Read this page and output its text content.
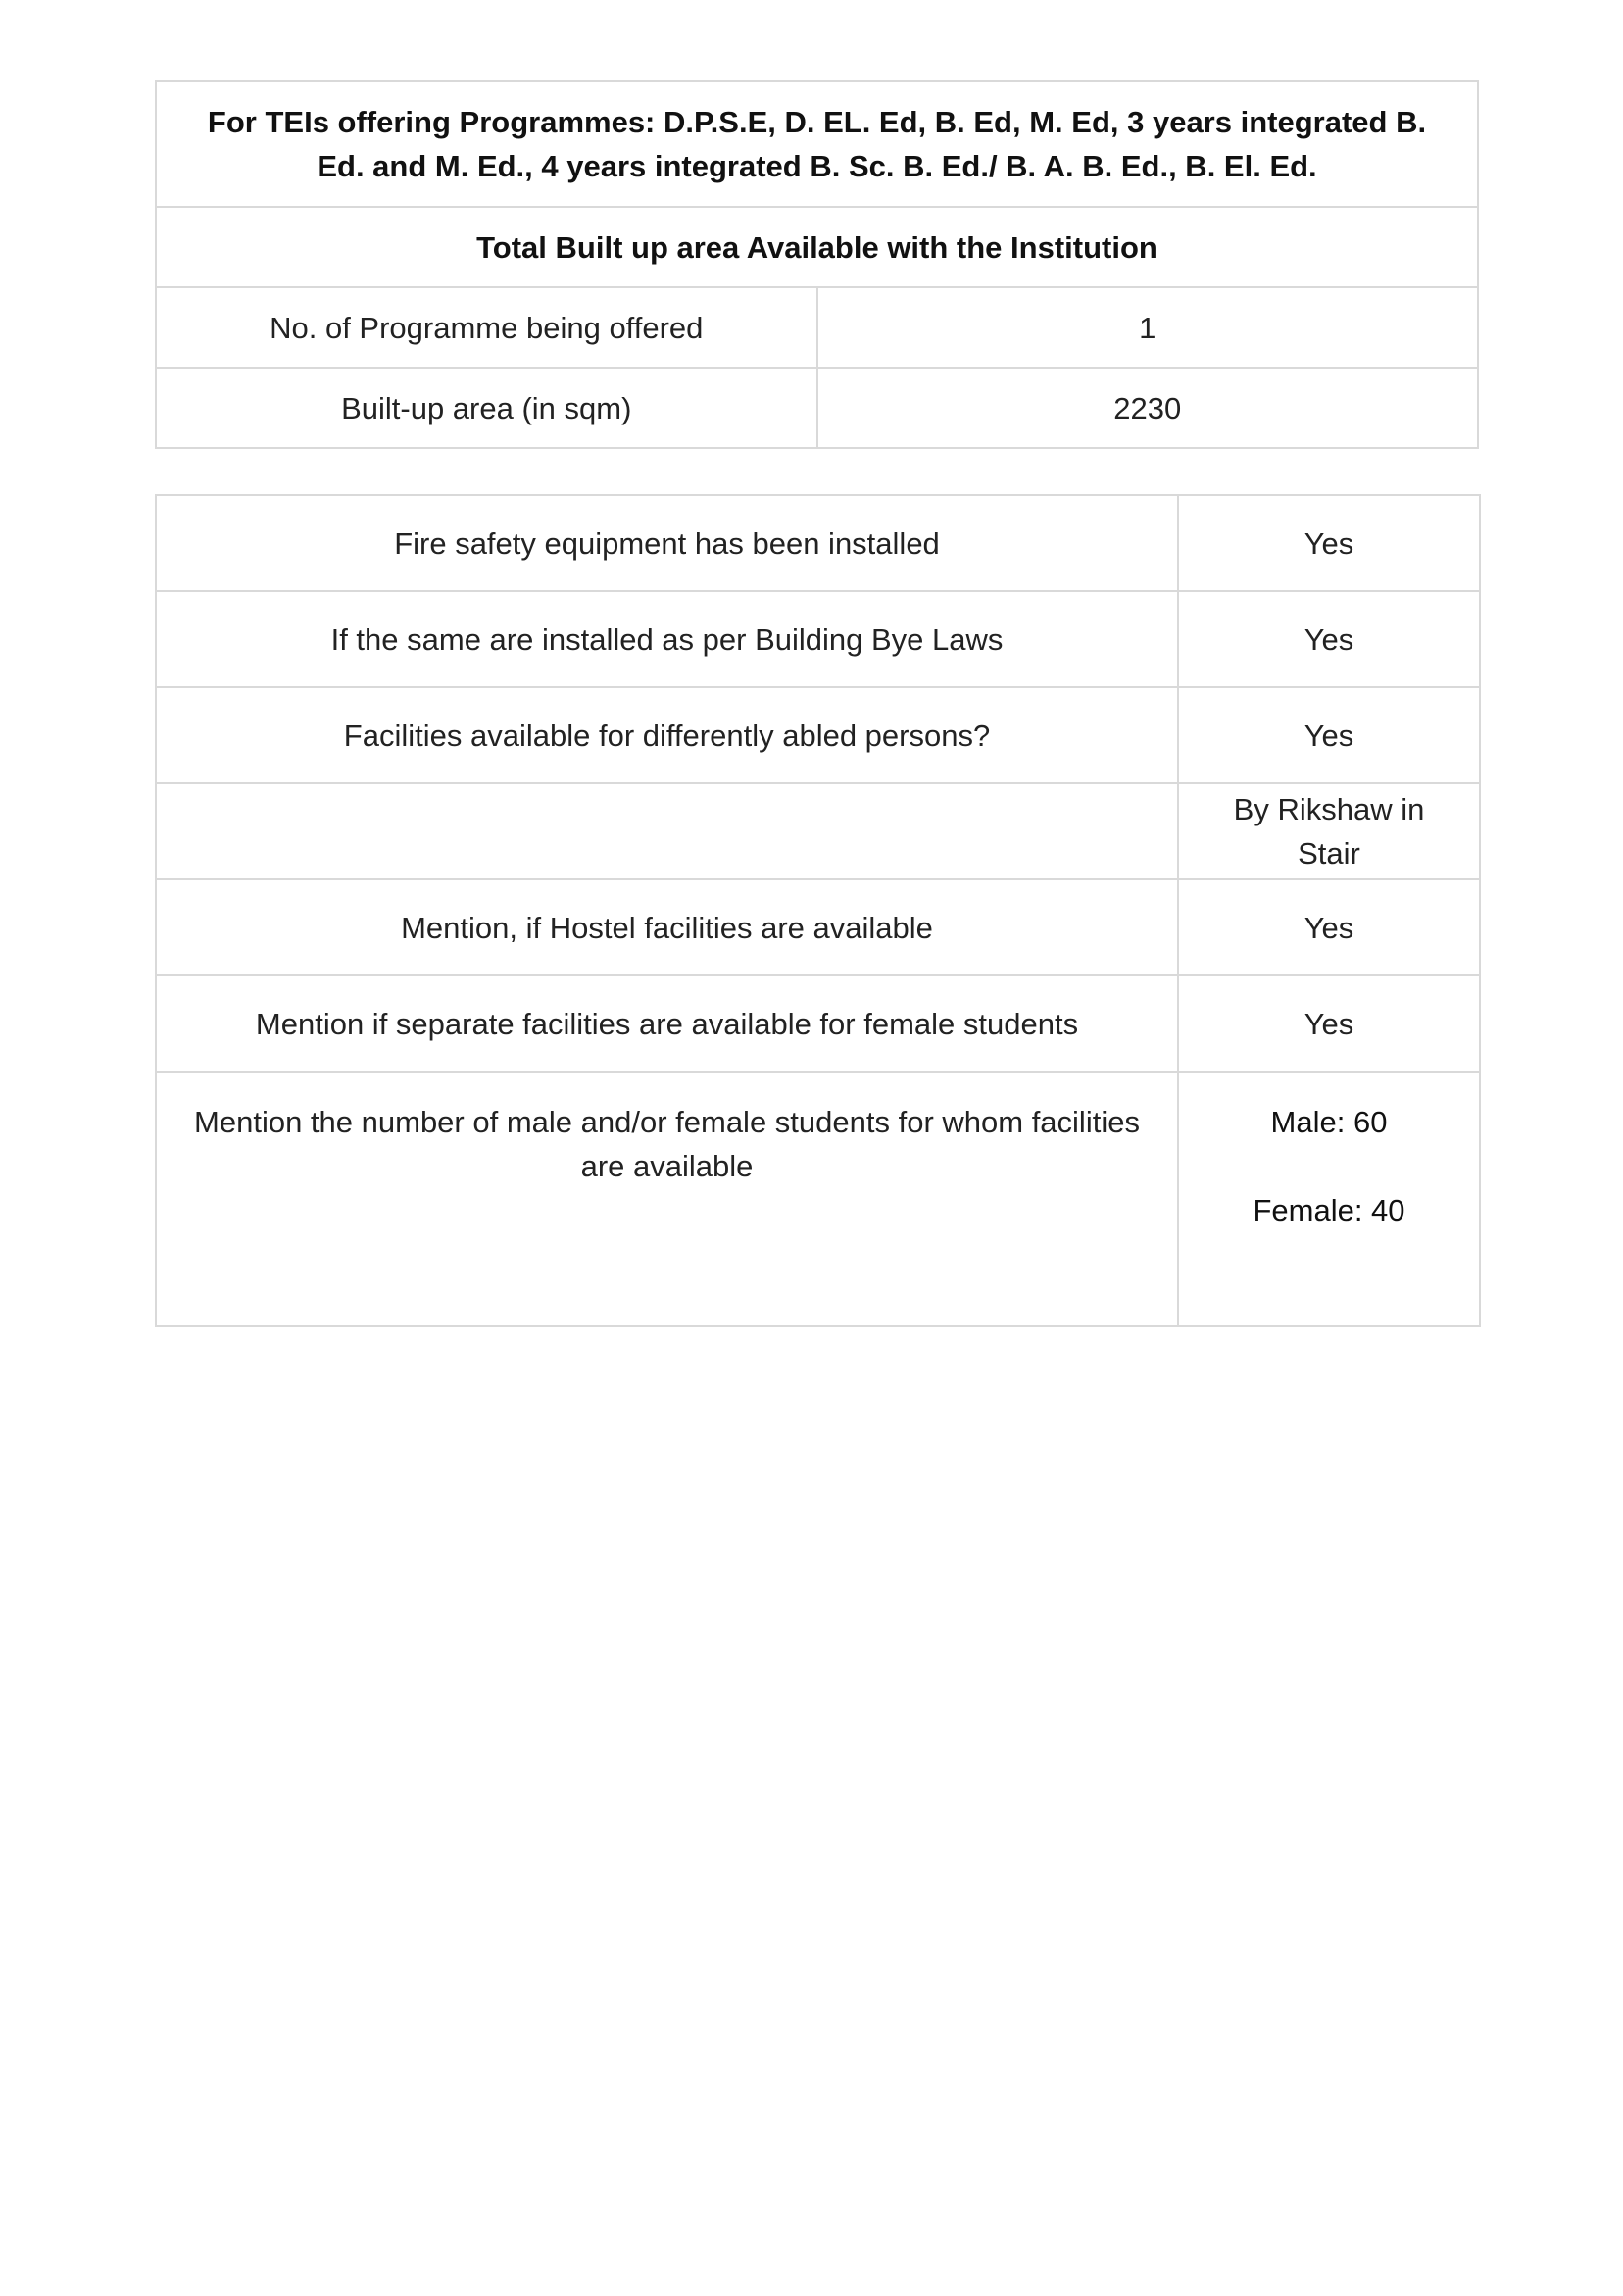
For TEIs offering Programmes: D.P.S.E, D. EL. Ed, B. Ed, M. Ed, 3 years integrated B. Ed. and M. Ed., 4 years integrated B. Sc. B. Ed./ B. A. B. Ed., B. El. Ed.	
Total Built up area Available with the Institution	
No. of Programme being offered	1
Built-up area (in sqm)	2230
Fire safety equipment has been installed	Yes
If the same are installed as per Building Bye Laws	Yes
Facilities available for differently abled persons?	Yes
	By Rikshaw in Stair
Mention, if Hostel facilities are available	Yes
Mention if separate facilities are available for female students	Yes
Mention the number of male and/or female students for whom facilities are available	Male: 60
Female: 40
